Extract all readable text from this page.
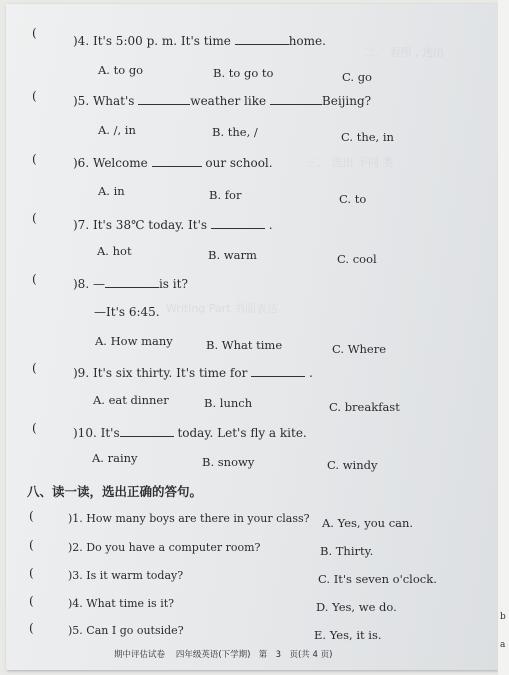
二、 看图 , 选出
三、 选出 不同 类
Writing Part 书面表达
(
)4. It's 5:00 p. m. It's time	home.
A. to go	B. to go to	C. go
(	)5. What's	weather like	Beijing?
A. /, in	B. the, /	C. the, in
(	)6. Welcome	our school.
A. in	B. for	C. to
(	)7. It's 38℃ today. It's	.
A. hot	B. warm	C. cool
(	)8. —	is it?
—It's 6:45.
A. How many	B. What time	C. Where
(	)9. It's six thirty. It's time for	.
A. eat dinner	B. lunch	C. breakfast
(	)10. It's	today. Let's fly a kite.
A. rainy	B. snowy	C. windy
八、读一读，选出正确的答句。
(	)1. How many boys are there in your class? A. Yes, you can.
(	)2. Do you have a computer room?	B. Thirty.
(	)3. Is it warm today?	C. It's seven o'clock.
(	)4. What time is it?	D. Yes, we do.
(	)5. Can I go outside?	E. Yes, it is.
期中评估试卷 四年级英语(下学期) 第　3　页(共 4 页)
b
a
